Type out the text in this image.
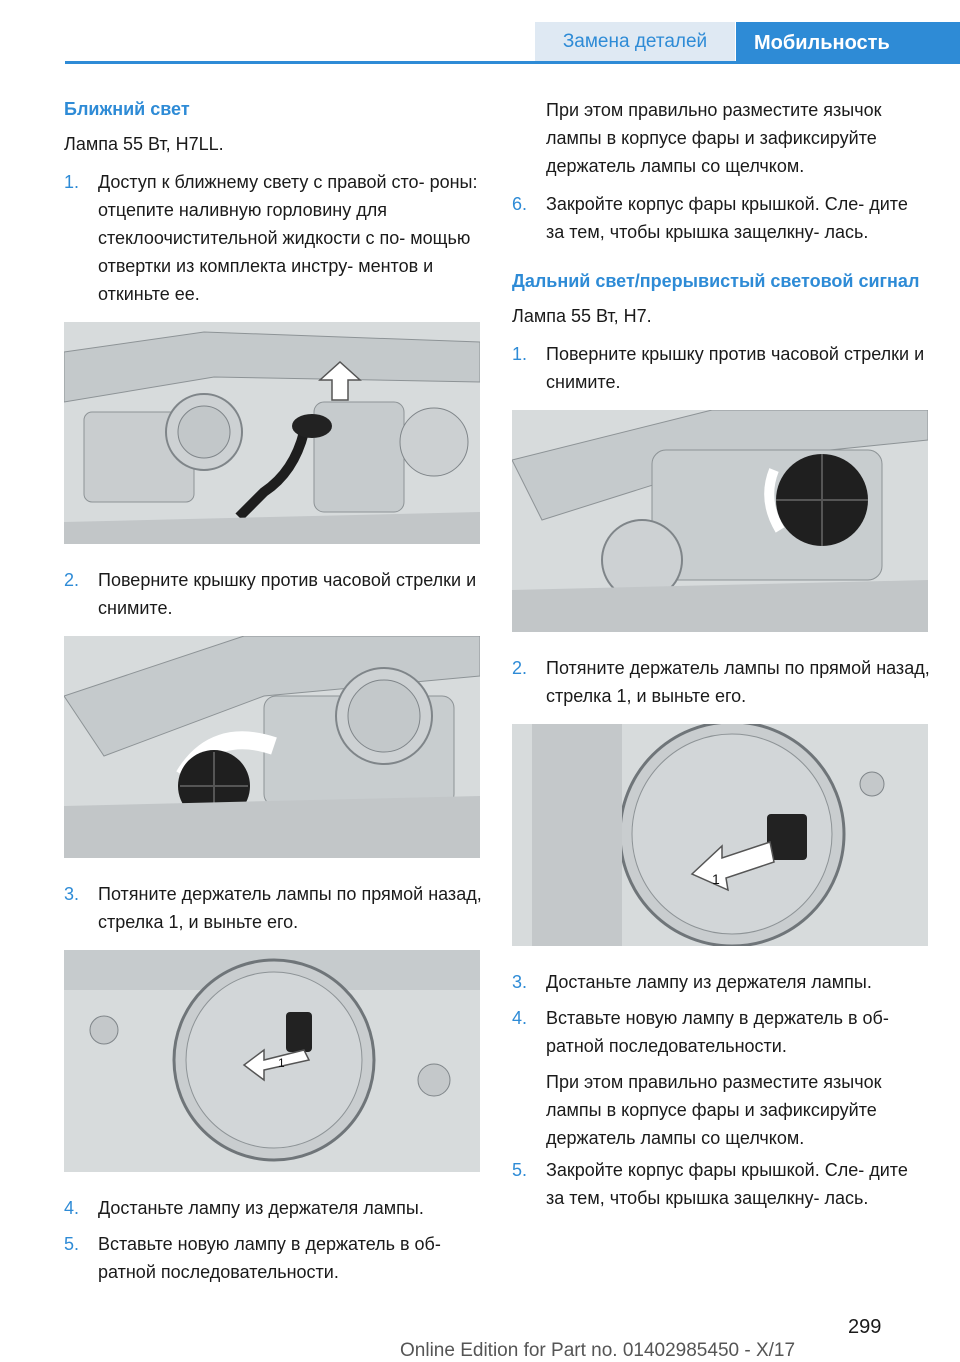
Замена деталей	Мобильность
Ближний свет
Лампа 55 Вт, H7LL.
1. Доступ к ближнему свету с правой сто- роны: отцепите наливную горловину для стеклоочистительной жидкости с по- мощью отвертки из комплекта инстру- ментов и откиньте ее.
2. Поверните крышку против часовой стрелки и снимите.
3. Потяните держатель лампы по прямой назад, стрелка 1, и выньте его.
1
4. Достаньте лампу из держателя лампы.
5. Вставьте новую лампу в держатель в об- ратной последовательности.
При этом правильно разместите язычок лампы в корпусе фары и зафиксируйте держатель лампы со щелчком.
6. Закройте корпус фары крышкой. Сле- дите за тем, чтобы крышка защелкну- лась.
Дальний свет/прерывистый световой сигнал
Лампа 55 Вт, H7.
1. Поверните крышку против часовой стрелки и снимите.
2. Потяните держатель лампы по прямой назад, стрелка 1, и выньте его.
1
3. Достаньте лампу из держателя лампы.
4. Вставьте новую лампу в держатель в об- ратной последовательности.
При этом правильно разместите язычок лампы в корпусе фары и зафиксируйте держатель лампы со щелчком.
5. Закройте корпус фары крышкой. Сле- дите за тем, чтобы крышка защелкну- лась.
299
Online Edition for Part no. 01402985450 - X/17
